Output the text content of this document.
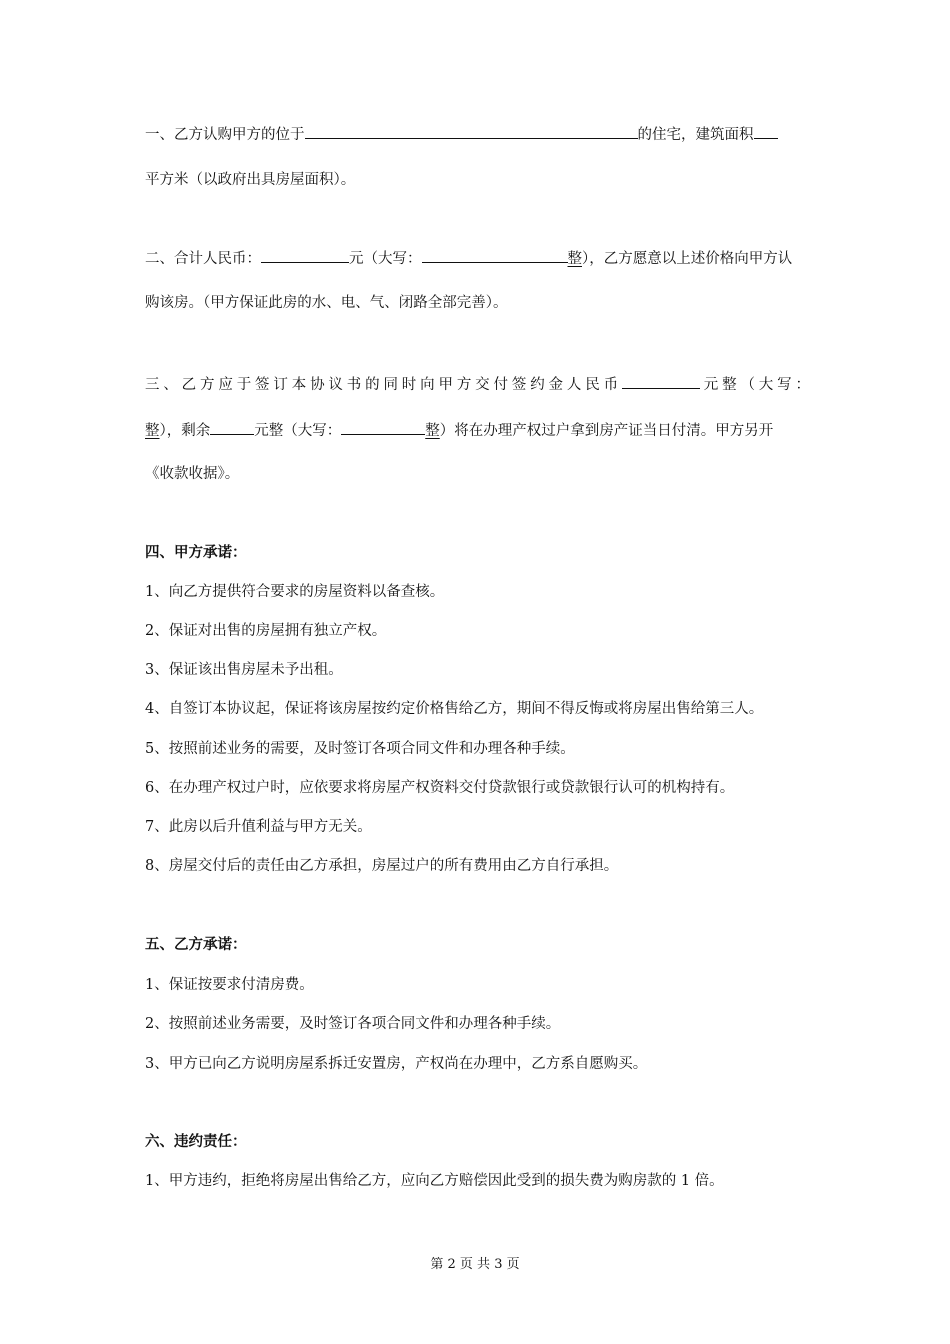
一、乙方认购甲方的位于	的住宅，建筑面积
平方米（以政府出具房屋面积）。
二、合计人民币：	元（大写：	整），乙方愿意以上述价格向甲方认
购该房。（甲方保证此房的水、电、气、闭路全部完善）。
三、乙方应于签订本协议书的同时向甲方交付签约金人民币	元整（大写：
整），剩余	元整（大写：	整）将在办理产权过户拿到房产证当日付清。甲方另开
《收款收据》。
四、甲方承诺：
1、向乙方提供符合要求的房屋资料以备查核。
2、保证对出售的房屋拥有独立产权。
3、保证该出售房屋未予出租。
4、自签订本协议起，保证将该房屋按约定价格售给乙方，期间不得反悔或将房屋出售给第三人。
5、按照前述业务的需要，及时签订各项合同文件和办理各种手续。
6、在办理产权过户时，应依要求将房屋产权资料交付贷款银行或贷款银行认可的机构持有。
7、此房以后升值利益与甲方无关。
8、房屋交付后的责任由乙方承担，房屋过户的所有费用由乙方自行承担。
五、乙方承诺：
1、保证按要求付清房费。
2、按照前述业务需要，及时签订各项合同文件和办理各种手续。
3、甲方已向乙方说明房屋系拆迁安置房，产权尚在办理中，乙方系自愿购买。
六、违约责任：
1、甲方违约，拒绝将房屋出售给乙方，应向乙方赔偿因此受到的损失费为购房款的 1 倍。
第 2 页 共 3 页
